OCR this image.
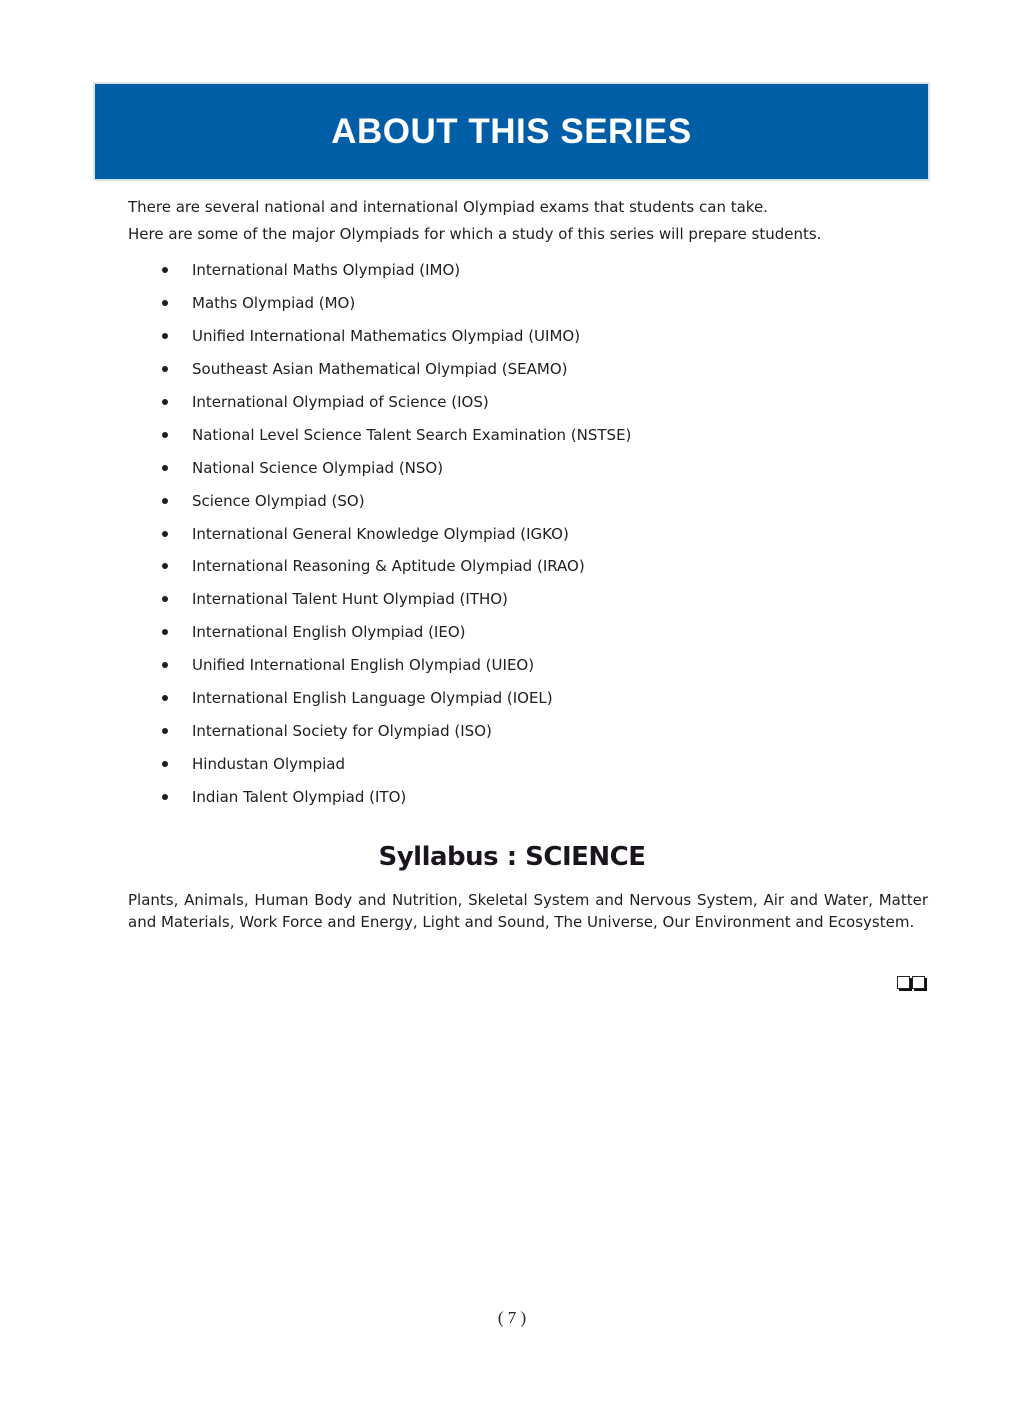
ABOUT THIS SERIES

There are several national and international Olympiad exams that students can take.

Here are some of the major Olympiads for which a study of this series will prepare students.

International Maths Olympiad (IMO)
Maths Olympiad (MO)
Unified International Mathematics Olympiad (UIMO)
Southeast Asian Mathematical Olympiad (SEAMO)
International Olympiad of Science (IOS)
National Level Science Talent Search Examination (NSTSE)
National Science Olympiad (NSO)
Science Olympiad (SO)
International General Knowledge Olympiad (IGKO)
International Reasoning & Aptitude Olympiad (IRAO)
International Talent Hunt Olympiad (ITHO)
International English Olympiad (IEO)
Unified International English Olympiad (UIEO)
International English Language Olympiad (IOEL)
International Society for Olympiad (ISO)
Hindustan Olympiad
Indian Talent Olympiad (ITO)
Syllabus : SCIENCE

Plants, Animals, Human Body and Nutrition, Skeletal System and Nervous System, Air and Water, Matter and Materials, Work Force and Energy, Light and Sound, The Universe, Our Environment and Ecosystem.

( 7 )
